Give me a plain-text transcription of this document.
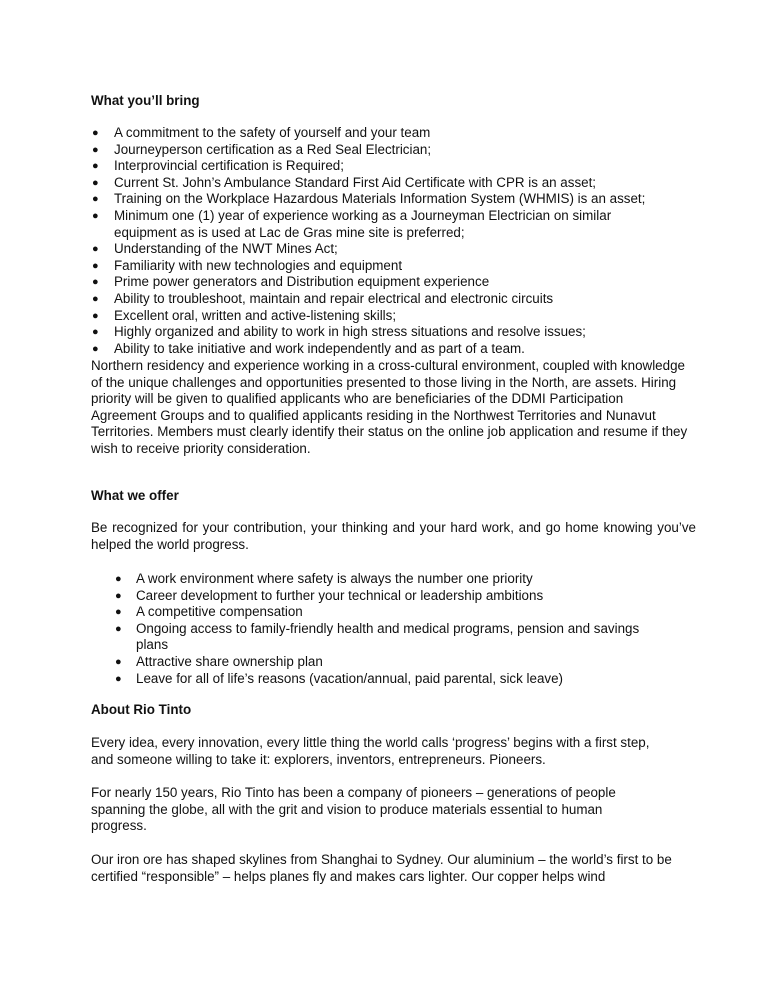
What you’ll bring
● A commitment to the safety of yourself and your team
● Journeyperson certification as a Red Seal Electrician;
● Interprovincial certification is Required;
● Current St. John’s Ambulance Standard First Aid Certificate with CPR is an asset;
● Training on the Workplace Hazardous Materials Information System (WHMIS) is an asset;
● Minimum one (1) year of experience working as a Journeyman Electrician on similar equipment as is used at Lac de Gras mine site is preferred;
● Understanding of the NWT Mines Act;
● Familiarity with new technologies and equipment
● Prime power generators and Distribution equipment experience
● Ability to troubleshoot, maintain and repair electrical and electronic circuits
● Excellent oral, written and active-listening skills;
● Highly organized and ability to work in high stress situations and resolve issues;
● Ability to take initiative and work independently and as part of a team.

Northern residency and experience working in a cross-cultural environment, coupled with knowledge of the unique challenges and opportunities presented to those living in the North, are assets. Hiring priority will be given to qualified applicants who are beneficiaries of the DDMI Participation Agreement Groups and to qualified applicants residing in the Northwest Territories and Nunavut Territories. Members must clearly identify their status on the online job application and resume if they wish to receive priority consideration.

What we offer

Be recognized for your contribution, your thinking and your hard work, and go home knowing you’ve helped the world progress.

● A work environment where safety is always the number one priority
● Career development to further your technical or leadership ambitions
● A competitive compensation
● Ongoing access to family-friendly health and medical programs, pension and savings plans
● Attractive share ownership plan
● Leave for all of life’s reasons (vacation/annual, paid parental, sick leave)
About Rio Tinto

Every idea, every innovation, every little thing the world calls ‘progress’ begins with a first step, and someone willing to take it: explorers, inventors, entrepreneurs. Pioneers.

For nearly 150 years, Rio Tinto has been a company of pioneers – generations of people spanning the globe, all with the grit and vision to produce materials essential to human progress.

Our iron ore has shaped skylines from Shanghai to Sydney. Our aluminium – the world’s first to be certified “responsible” – helps planes fly and makes cars lighter. Our copper helps wind
